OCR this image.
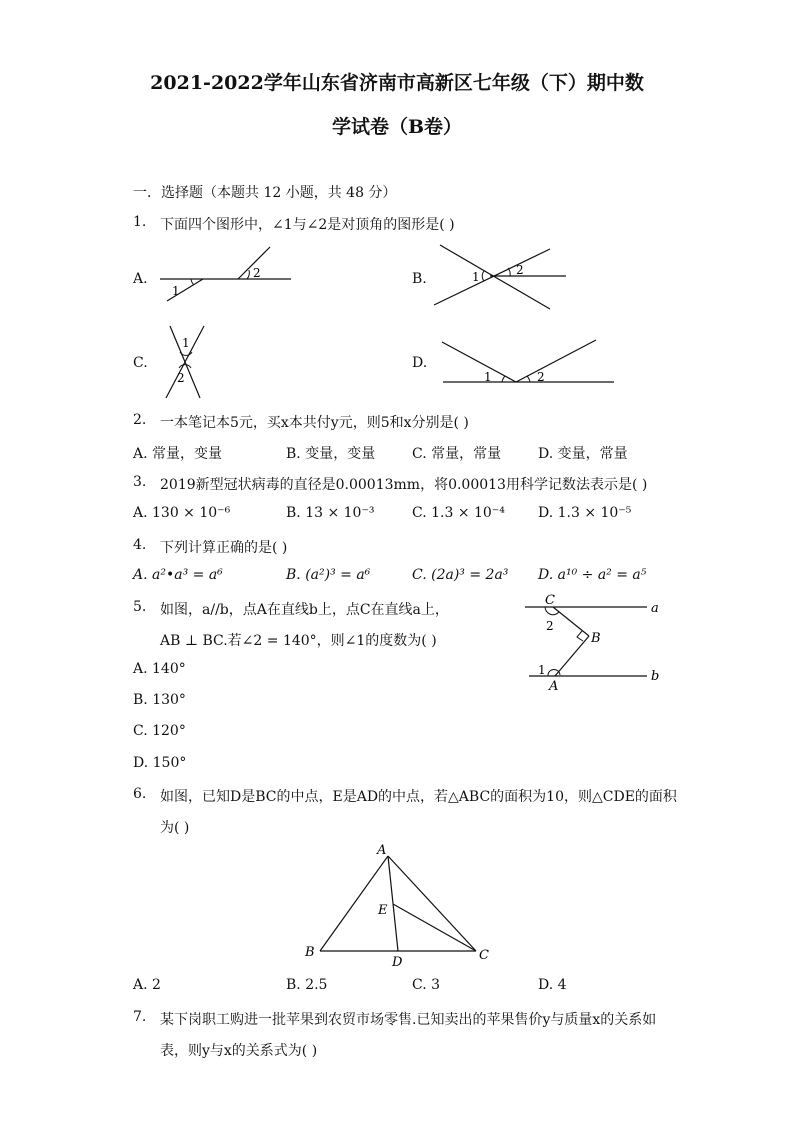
2021-2022学年山东省济南市高新区七年级（下）期中数
学试卷（B卷）
一．选择题（本题共 12 小题，共 48 分）
1. 下面四个图形中，∠1与∠2是对顶角的图形是( )
A.
1
2	B.	1	2
C.
1
2
D.
1	2
2. 一本笔记本5元，买x本共付y元，则5和x分别是( )
A. 常量，变量	B. 变量，变量	C. 常量，常量	D. 变量，常量
3. 2019新型冠状病毒的直径是0.00013mm，将0.00013用科学记数法表示是( )
A. 130 × 10⁻⁶	B. 13 × 10⁻³	C. 1.3 × 10⁻⁴ D. 1.3 × 10⁻⁵
4. 下列计算正确的是( )
A. a²•a³ = a⁶	B. (a²)³ = a⁶	C. (2a)³ = 2a³ D. a¹⁰ ÷ a² = a⁵
5. 如图，a//b，点A在直线b上，点C在直线a上，
AB ⊥ BC.若∠2 = 140°，则∠1的度数为( )
A. 140°
B. 130°
C. 120°
D. 150°
C
B
A
a
b
2
1
6. 如图，已知D是BC的中点，E是AD的中点，若△ABC的面积为10，则△CDE的面积
为( )
A
B	C
D
E
A. 2	B. 2.5	C. 3	D. 4
7. 某下岗职工购进一批苹果到农贸市场零售.已知卖出的苹果售价y与质量x的关系如
表，则y与x的关系式为( )
